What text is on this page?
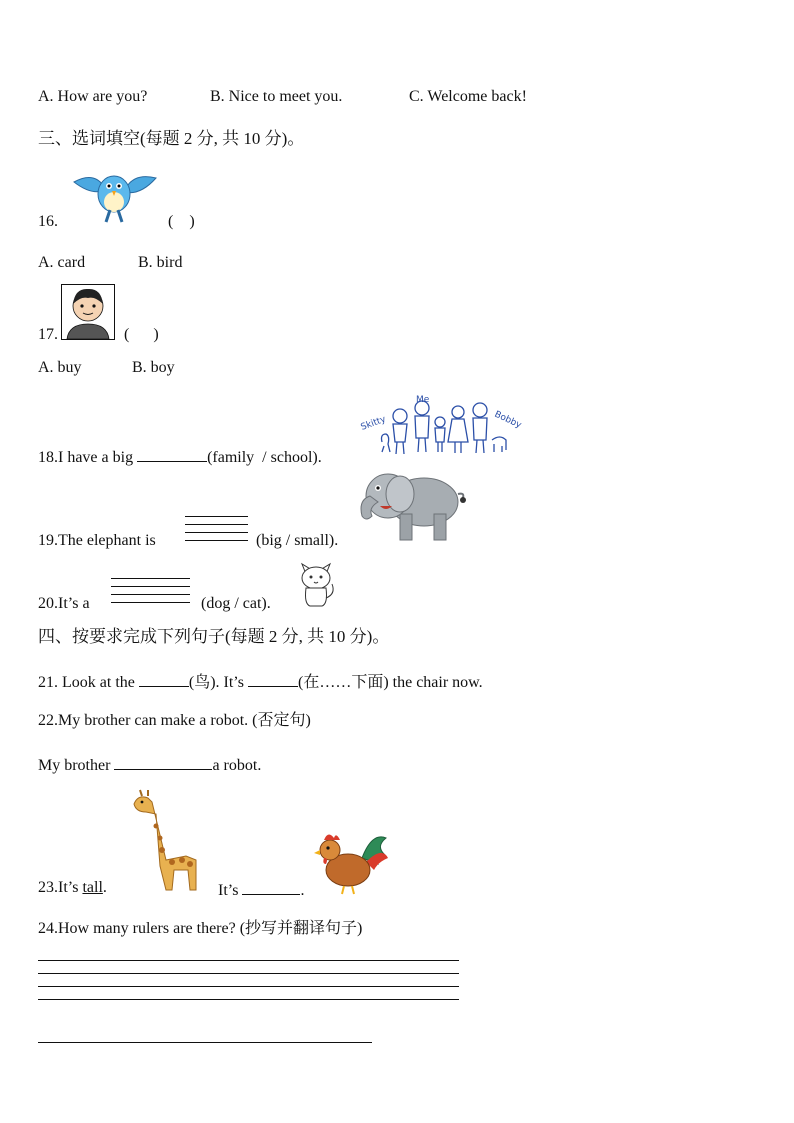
A. How are you?	B. Nice to meet you.	C. Welcome back!
三、选词填空(每题 2 分, 共 10 分)。
16.	(    )
A. card	B. bird
17.	(      )
A. buy	B. boy
Skitty
Me
Bobby
18.I have a big	(family  / school).
19.The elephant is	(big / small).
20.It’s a	(dog / cat).
四、按要求完成下列句子(每题 2 分, 共 10 分)。
21. Look at the	(鸟). It’s	(在……下面) the chair now.
22.My brother can make a robot. (否定句)
My brother	a robot.
23.It’s tall.	It’s	.
24.How many rulers are there? (抄写并翻译句子)
